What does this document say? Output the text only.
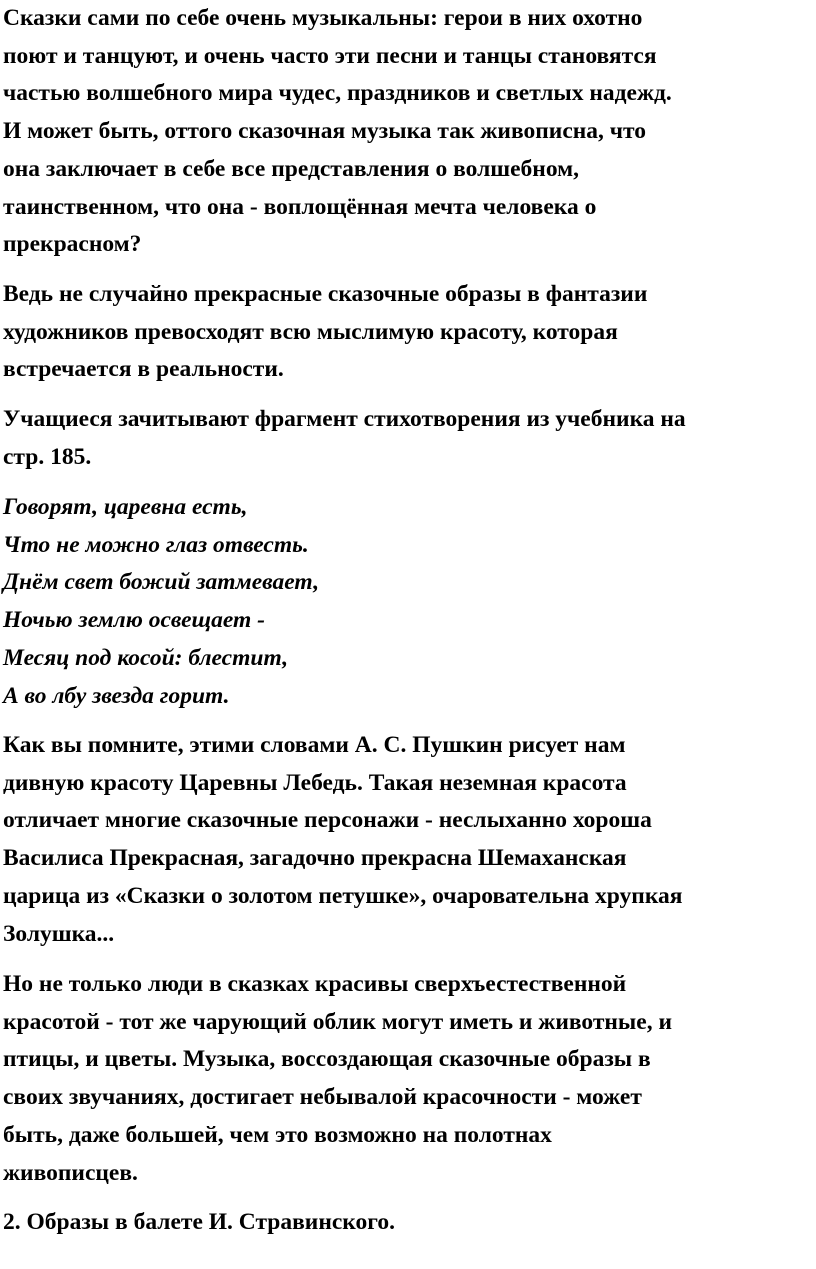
Сказки сами по себе очень музыкальны: герои в них охотно
поют и танцуют, и очень часто эти песни и танцы становятся
частью волшебного мира чудес, праздников и светлых надежд.
И может быть, оттого сказочная музыка так живописна, что
она заключает в себе все представления о волшебном,
таинственном, что она - воплощённая мечта человека о
прекрасном?
Ведь не случайно прекрасные сказочные образы в фантазии
художников превосходят всю мыслимую красоту, которая
встречается в реальности.
Учащиеся зачитывают фрагмент стихотворения из учебника на
стр. 185.
Говорят, царевна есть,
Что не можно глаз отвесть.
Днём свет божий затмевает,
Ночью землю освещает -
Месяц под косой: блестит,
А во лбу звезда горит.
Как вы помните, этими словами А. С. Пушкин рисует нам
дивную красоту Царевны Лебедь. Такая неземная красота
отличает многие сказочные персонажи - неслыханно хороша
Василиса Прекрасная, загадочно прекрасна Шемаханская
царица из «Сказки о золотом петушке», очаровательна хрупкая
Золушка...
Но не только люди в сказках красивы сверхъестественной
красотой - тот же чарующий облик могут иметь и животные, и
птицы, и цветы. Музыка, воссоздающая сказочные образы в
своих звучаниях, достигает небывалой красочности - может
быть, даже большей, чем это возможно на полотнах
живописцев.
2. Образы в балете И. Стравинского.
